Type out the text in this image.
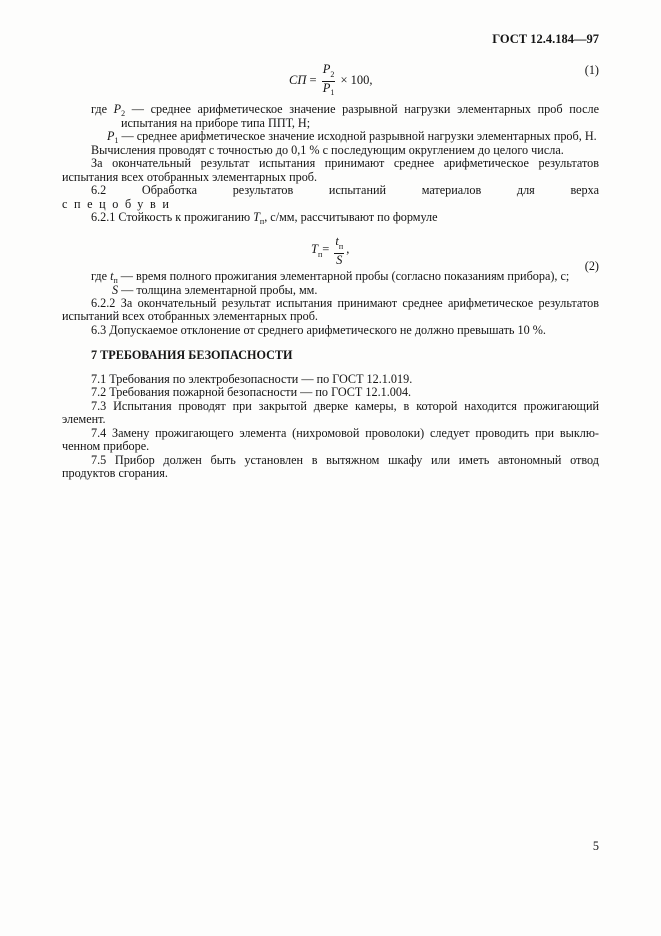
ГОСТ 12.4.184—97
СП = $\frac{P_2}{P_1} \times 100$,
(1)
где $P_2$ — среднее арифметическое значение разрывной нагрузки элементарных проб после
испытания на приборе типа ППТ, Н;
$P_1$ — среднее арифметическое значение исходной разрывной нагрузки элементарных проб, Н.
Вычисления проводят с точностью до 0,1 % с последующим округлением до целого числа.
За окончательный результат испытания принимают среднее арифметическое результатов
испытания всех отобранных элементарных проб.
6.2 Обработка результатов испытаний материалов для верха
спецобуви
6.2.1 Стойкость к прожиганию $T_п$, с/мм, рассчитывают по формуле
$T_п= \frac{t_п}{S}$ ,
(2)
где $t_п$ — время полного прожигания элементарной пробы (согласно показаниям прибора), с;
S — толщина элементарной пробы, мм.
6.2.2 За окончательный результат испытания принимают среднее арифметическое результатов
испытаний всех отобранных элементарных проб.
6.3 Допускаемое отклонение от среднего арифметического не должно превышать 10 %.
7 ТРЕБОВАНИЯ БЕЗОПАСНОСТИ
7.1 Требования по электробезопасности — по ГОСТ 12.1.019.
7.2 Требования пожарной безопасности — по ГОСТ 12.1.004.
7.3 Испытания проводят при закрытой дверке камеры, в которой находится прожигающий
элемент.
7.4 Замену прожигающего элемента (нихромовой проволоки) следует проводить при выклю-
ченном приборе.
7.5 Прибор должен быть установлен в вытяжном шкафу или иметь автономный отвод
продуктов сгорания.
5
